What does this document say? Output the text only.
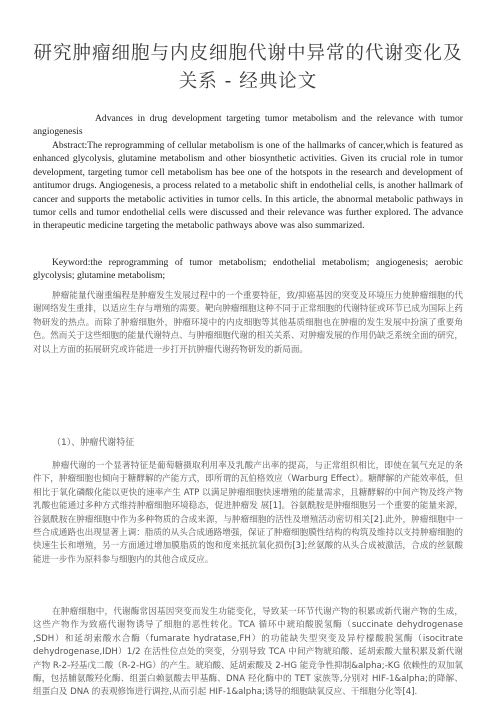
研究肿瘤细胞与内皮细胞代谢中异常的代谢变化及关系 - 经典论文
Advances in drug development targeting tumor metabolism and the relevance with tumor angiogenesis
Abstract:The reprogramming of cellular metabolism is one of the hallmarks of cancer,which is featured as enhanced glycolysis, glutamine metabolism and other biosynthetic activities. Given its crucial role in tumor development, targeting tumor cell metabolism has bee one of the hotspots in the research and development of antitumor drugs. Angiogenesis, a process related to a metabolic shift in endothelial cells, is another hallmark of cancer and supports the metabolic activities in tumor cells. In this article, the abnormal metabolic pathways in tumor cells and tumor endothelial cells were discussed and their relevance was further explored. The advance in therapeutic medicine targeting the metabolic pathways above was also summarized.
Keyword:the reprogramming of tumor metabolism; endothelial metabolism; angiogenesis; aerobic glycolysis; glutamine metabolism;
肿瘤能量代谢重编程是肿瘤发生发展过程中的一个重要特征，致/抑癌基因的突变及环境压力使肿瘤细胞的代谢网络发生重排，以适应生存与增殖的需要。靶向肿瘤细胞这种不同于正常细胞的代谢特征或环节已成为国际上药物研发的热点。而除了肿瘤细胞外，肿瘤环境中的内皮细胞等其他基质细胞也在肿瘤的发生发展中扮演了重要角色。然而关于这些细胞的能量代谢特点、与肿瘤细胞代谢的相关关系、对肿瘤发展的作用仍缺乏系统全面的研究，对以上方面的拓展研究或许能进一步打开抗肿瘤代谢药物研发的新局面。
（1）、肿瘤代谢特征
肿瘤代谢的一个显著特征是葡萄糖摄取利用率及乳酸产出率的提高，与正常组织相比，即使在氧气充足的条件下，肿瘤细胞也倾向于糖酵解的产能方式，即所谓的瓦伯格效应（Warburg Effect）。糖酵解的产能效率低，但相比于氧化磷酸化能以更快的速率产生 ATP 以满足肿瘤细胞快速增殖的能量需求，且糖酵解的中间产物及终产物乳酸也能通过多种方式维持肿瘤细胞环境稳态，促进肿瘤发 展[1]。谷氨酰胺是肿瘤细胞另一个重要的能量来源，谷氨酰胺在肿瘤细胞中作为多种物质的合成来源，与肿瘤细胞的活性及增殖活动密切相关[2].此外，肿瘤细胞中一些合成通路也出现显著上调：脂质的从头合成通路增强，保证了肿瘤细胞膜性结构的构筑及维持以支持肿瘤细胞的快速生长和增殖，另一方面通过增加膜脂质的饱和度来抵抗氧化损伤[3];丝氨酸的从头合成被激活，合成的丝氨酸能进一步作为原料参与细胞内的其他合成反应。
在肿瘤细胞中，代谢酶常因基因突变而发生功能变化，导致某一环节代谢产物的积累或新代谢产物的生成，这些产物作为致癌代谢物诱导了细胞的恶性转化。TCA 循环中琥珀酸脱氢酶（succinate dehydrogenase ,SDH）和延胡索酸水合酶（fumarate hydratase,FH）的功能缺失型突变及异柠檬酸脱氢酶（isocitrate dehydrogenase,IDH）1/2 在活性位点处的突变，分别导致 TCA 中间产物琥珀酸、延胡索酸大量积累及新代谢产物 R-2-羟基戊二酸（R-2-HG）的产生。琥珀酸、延胡索酸及 2-HG 能竞争性抑制&alpha;-KG 依赖性的双加氧酶，包括脯氨酸羟化酶、组蛋白赖氨酸去甲基酶、DNA 羟化酶中的 TET 家族等,分别对 HIF-1&alpha;的降解、组蛋白及 DNA 的表观修饰进行调控,从而引起 HIF-1&alpha;诱导的细胞缺氧反应、干细胞分化等[4].
